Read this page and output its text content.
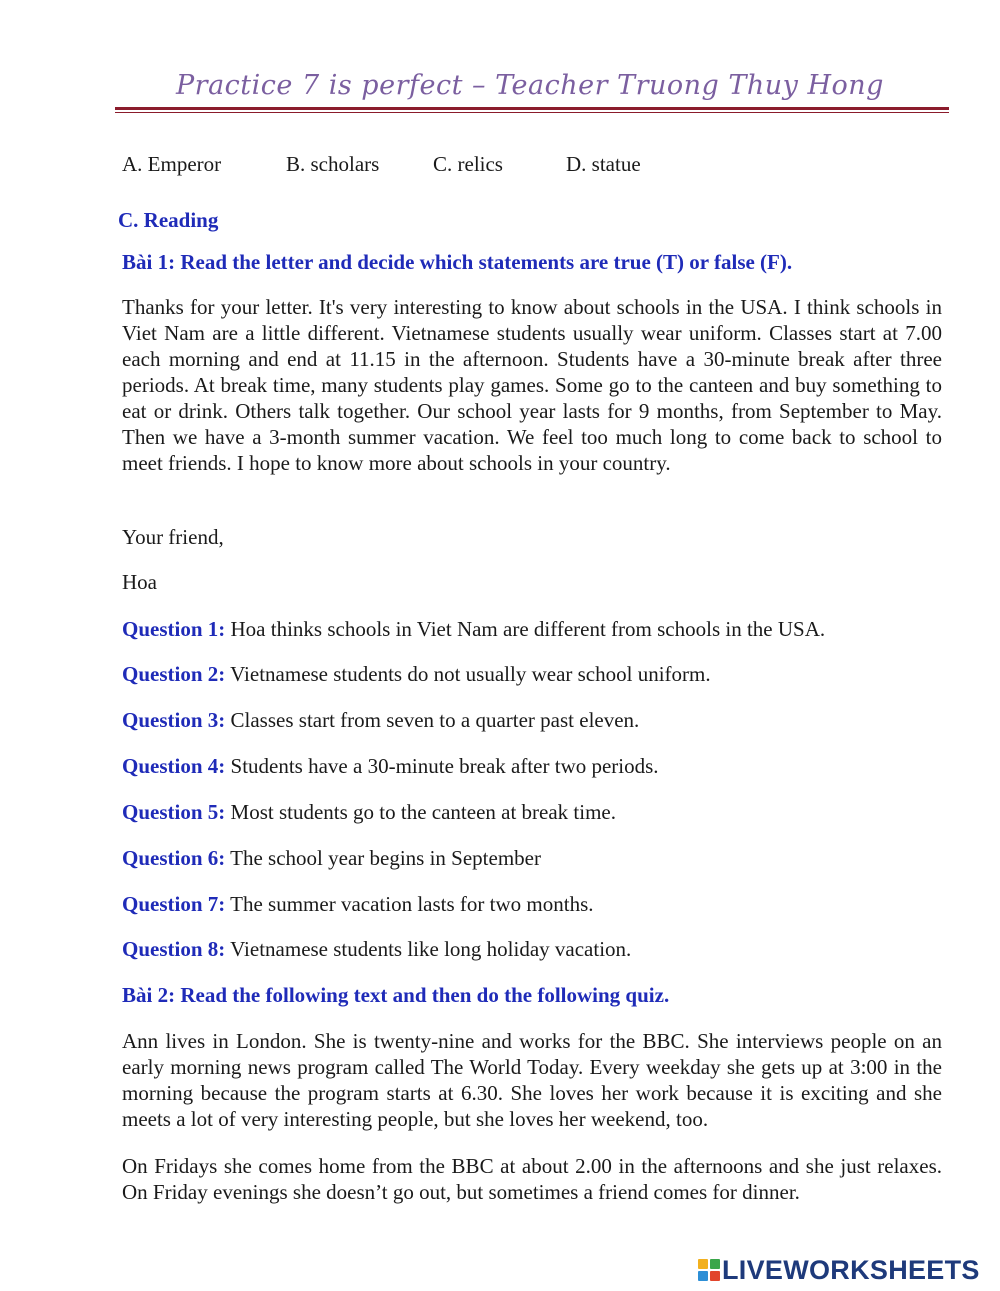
Practice 7 is perfect – Teacher Truong Thuy Hong
A. Emperor	B. scholars	C. relics	D. statue
C. Reading
Bài 1: Read the letter and decide which statements are true (T) or false (F).
Thanks for your letter. It's very interesting to know about schools in the USA. I think schools in Viet Nam are a little different. Vietnamese students usually wear uniform. Classes start at 7.00 each morning and end at 11.15 in the afternoon. Students have a 30-minute break after three periods. At break time, many students play games. Some go to the canteen and buy something to eat or drink. Others talk together. Our school year lasts for 9 months, from September to May. Then we have a 3-month summer vacation. We feel too much long to come back to school to meet friends. I hope to know more about schools in your country.
Your friend,
Hoa
Question 1: Hoa thinks schools in Viet Nam are different from schools in the USA.
Question 2: Vietnamese students do not usually wear school uniform.
Question 3: Classes start from seven to a quarter past eleven.
Question 4: Students have a 30-minute break after two periods.
Question 5: Most students go to the canteen at break time.
Question 6: The school year begins in September
Question 7: The summer vacation lasts for two months.
Question 8: Vietnamese students like long holiday vacation.
Bài 2: Read the following text and then do the following quiz.
Ann lives in London. She is twenty-nine and works for the BBC. She interviews people on an early morning news program called The World Today. Every weekday she gets up at 3:00 in the morning because the program starts at 6.30. She loves her work because it is exciting and she meets a lot of very interesting people, but she loves her weekend, too.
On Fridays she comes home from the BBC at about 2.00 in the afternoons and she just relaxes. On Friday evenings she doesn’t go out, but sometimes a friend comes for dinner.
LIVEWORKSHEETS
